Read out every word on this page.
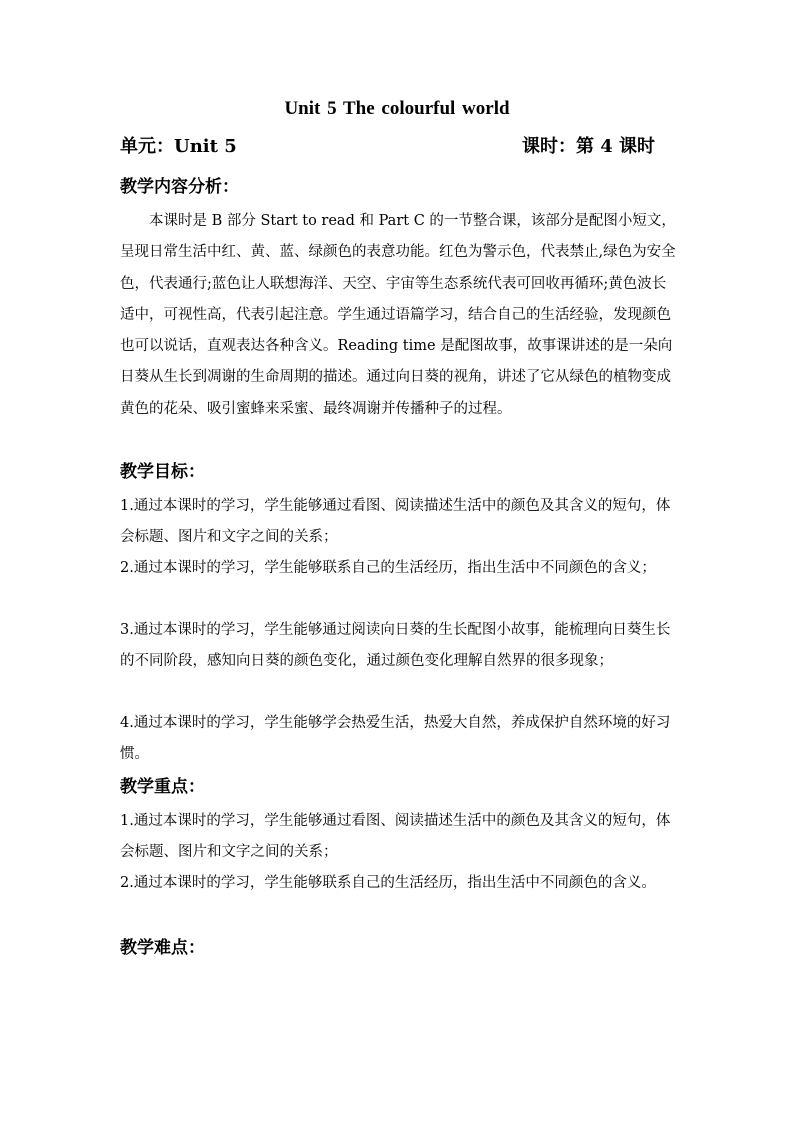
Unit 5 The colourful world
单元：Unit 5	课时：第 4 课时
教学内容分析：

本课时是 B 部分 Start to read 和 Part C 的一节整合课，该部分是配图小短文，呈现日常生活中红、黄、蓝、绿颜色的表意功能。红色为警示色，代表禁止,绿色为安全色，代表通行;蓝色让人联想海洋、天空、宇宙等生态系统代表可回收再循环;黄色波长适中，可视性高，代表引起注意。学生通过语篇学习，结合自己的生活经验，发现颜色也可以说话，直观表达各种含义。Reading time 是配图故事，故事课讲述的是一朵向日葵从生长到凋谢的生命周期的描述。通过向日葵的视角，讲述了它从绿色的植物变成黄色的花朵、吸引蜜蜂来采蜜、最终凋谢并传播种子的过程。

教学目标：

1.通过本课时的学习，学生能够通过看图、阅读描述生活中的颜色及其含义的短句，体会标题、图片和文字之间的关系；

2.通过本课时的学习，学生能够联系自己的生活经历，指出生活中不同颜色的含义；

3.通过本课时的学习，学生能够通过阅读向日葵的生长配图小故事，能梳理向日葵生长的不同阶段，感知向日葵的颜色变化，通过颜色变化理解自然界的很多现象；

4.通过本课时的学习，学生能够学会热爱生活，热爱大自然，养成保护自然环境的好习惯。

教学重点：

1.通过本课时的学习，学生能够通过看图、阅读描述生活中的颜色及其含义的短句，体会标题、图片和文字之间的关系；

2.通过本课时的学习，学生能够联系自己的生活经历，指出生活中不同颜色的含义。

教学难点：
